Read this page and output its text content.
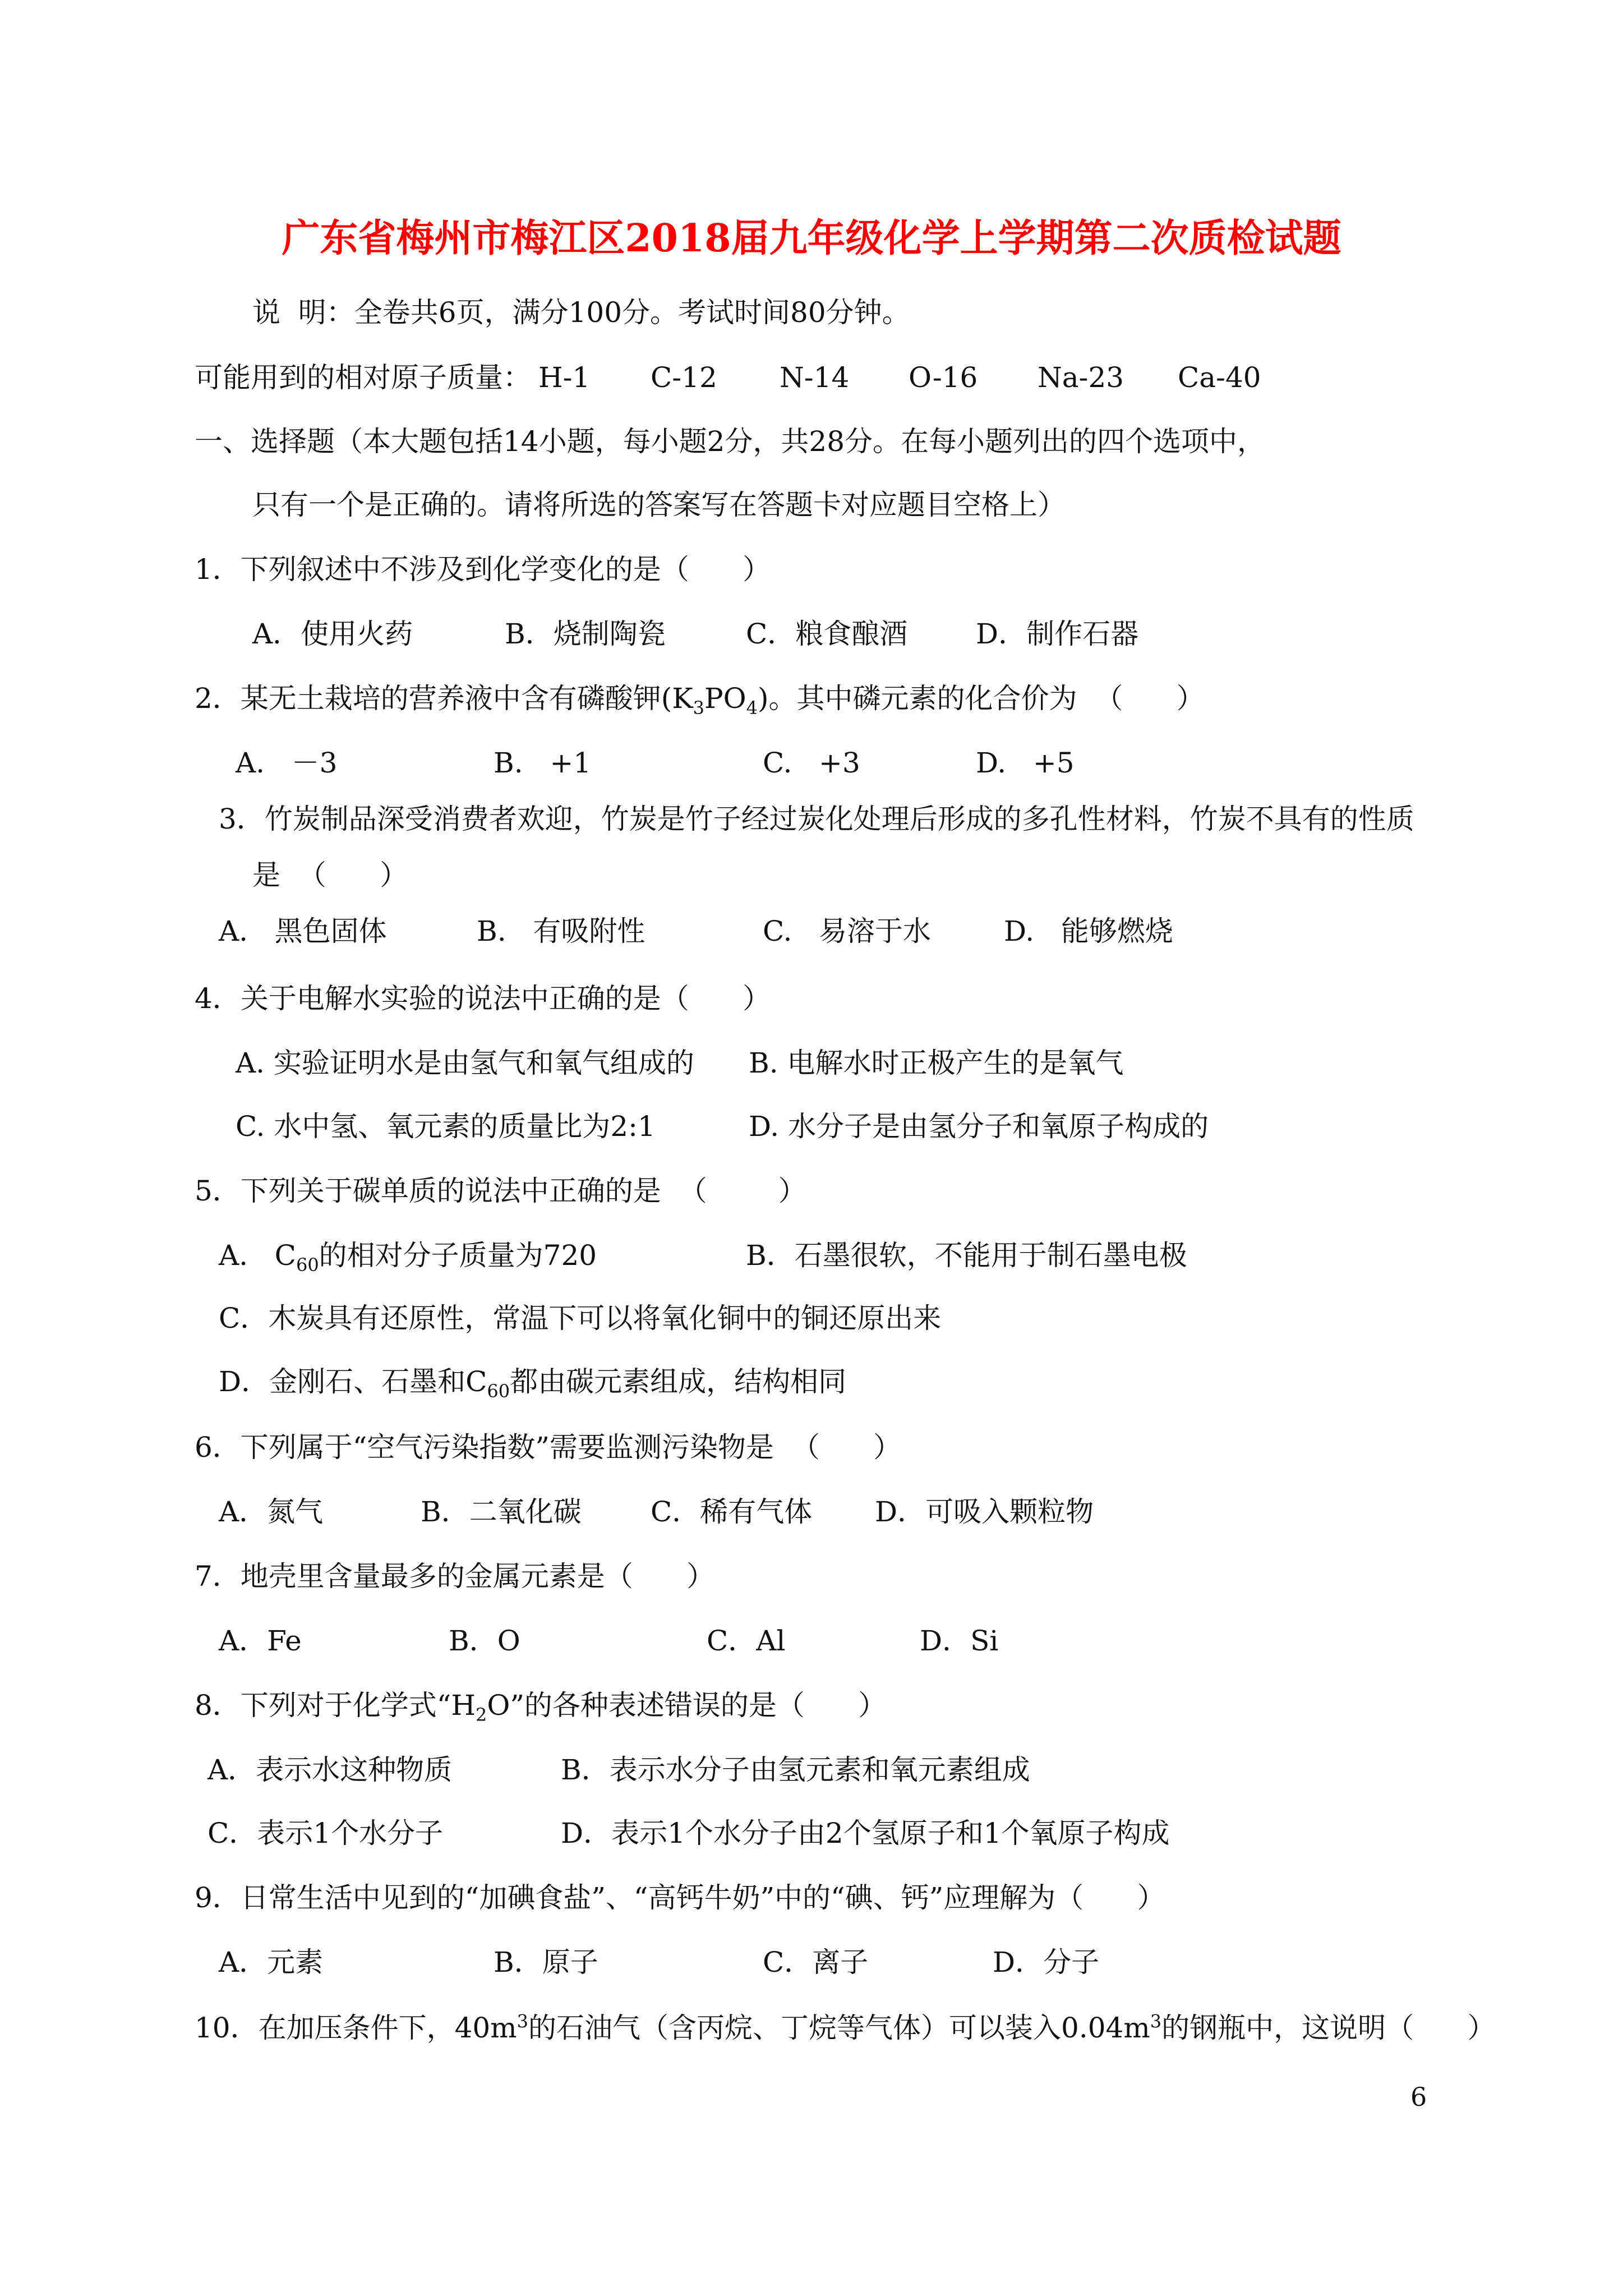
广东省梅州市梅江区2018届九年级化学上学期第二次质检试题
说  明：全卷共6页，满分100分。考试时间80分钟。
可能用到的相对原子质量： H-1 C-12 N-14 O-16 Na-23 Ca-40
一、选择题（本大题包括14小题，每小题2分，共28分。在每小题列出的四个选项中，
只有一个是正确的。请将所选的答案写在答题卡对应题目空格上）
1．下列叙述中不涉及到化学变化的是（      ）
A．使用火药	B．烧制陶瓷	C．粮食酿酒 D．制作石器
2．某无土栽培的营养液中含有磷酸钾$(K_3PO_4)$。其中磷元素的化合价为  （      ）
A.   －3	B.   +1	C.   +3	D.   +5
3．竹炭制品深受消费者欢迎，竹炭是竹子经过炭化处理后形成的多孔性材料，竹炭不具有的性质
是  （      ）
A.   黑色固体	B.   有吸附性	C.   易溶于水	D.   能够燃烧
4．关于电解水实验的说法中正确的是（      ）
A. 实验证明水是由氢气和氧气组成的 B. 电解水时正极产生的是氧气
C. 水中氢、氧元素的质量比为2:1	D. 水分子是由氢分子和氧原子构成的
5．下列关于碳单质的说法中正确的是  （        ）
A.   $C_{60}$的相对分子质量为720	B．石墨很软，不能用于制石墨电极
C．木炭具有还原性，常温下可以将氧化铜中的铜还原出来
D．金刚石、石墨和$C_{60}$都由碳元素组成，结构相同
6．下列属于“空气污染指数”需要监测污染物是  （      ）
A．氮气	B．二氧化碳 C．稀有气体 D．可吸入颗粒物
7．地壳里含量最多的金属元素是（      ）
A．Fe	B．O	C．Al	D．Si
8．下列对于化学式“$H_2O$”的各种表述错误的是（      ）
A．表示水这种物质	B．表示水分子由氢元素和氧元素组成
C．表示1个水分子	D．表示1个水分子由2个氢原子和1个氧原子构成
9．日常生活中见到的“加碘食盐”、“高钙牛奶”中的“碘、钙”应理解为（      ）
A．元素	B．原子	C．离子	D．分子
10．在加压条件下，$40m^3$的石油气（含丙烷、丁烷等气体）可以装入$0.04m^3$的钢瓶中，这说明（      ）
6
